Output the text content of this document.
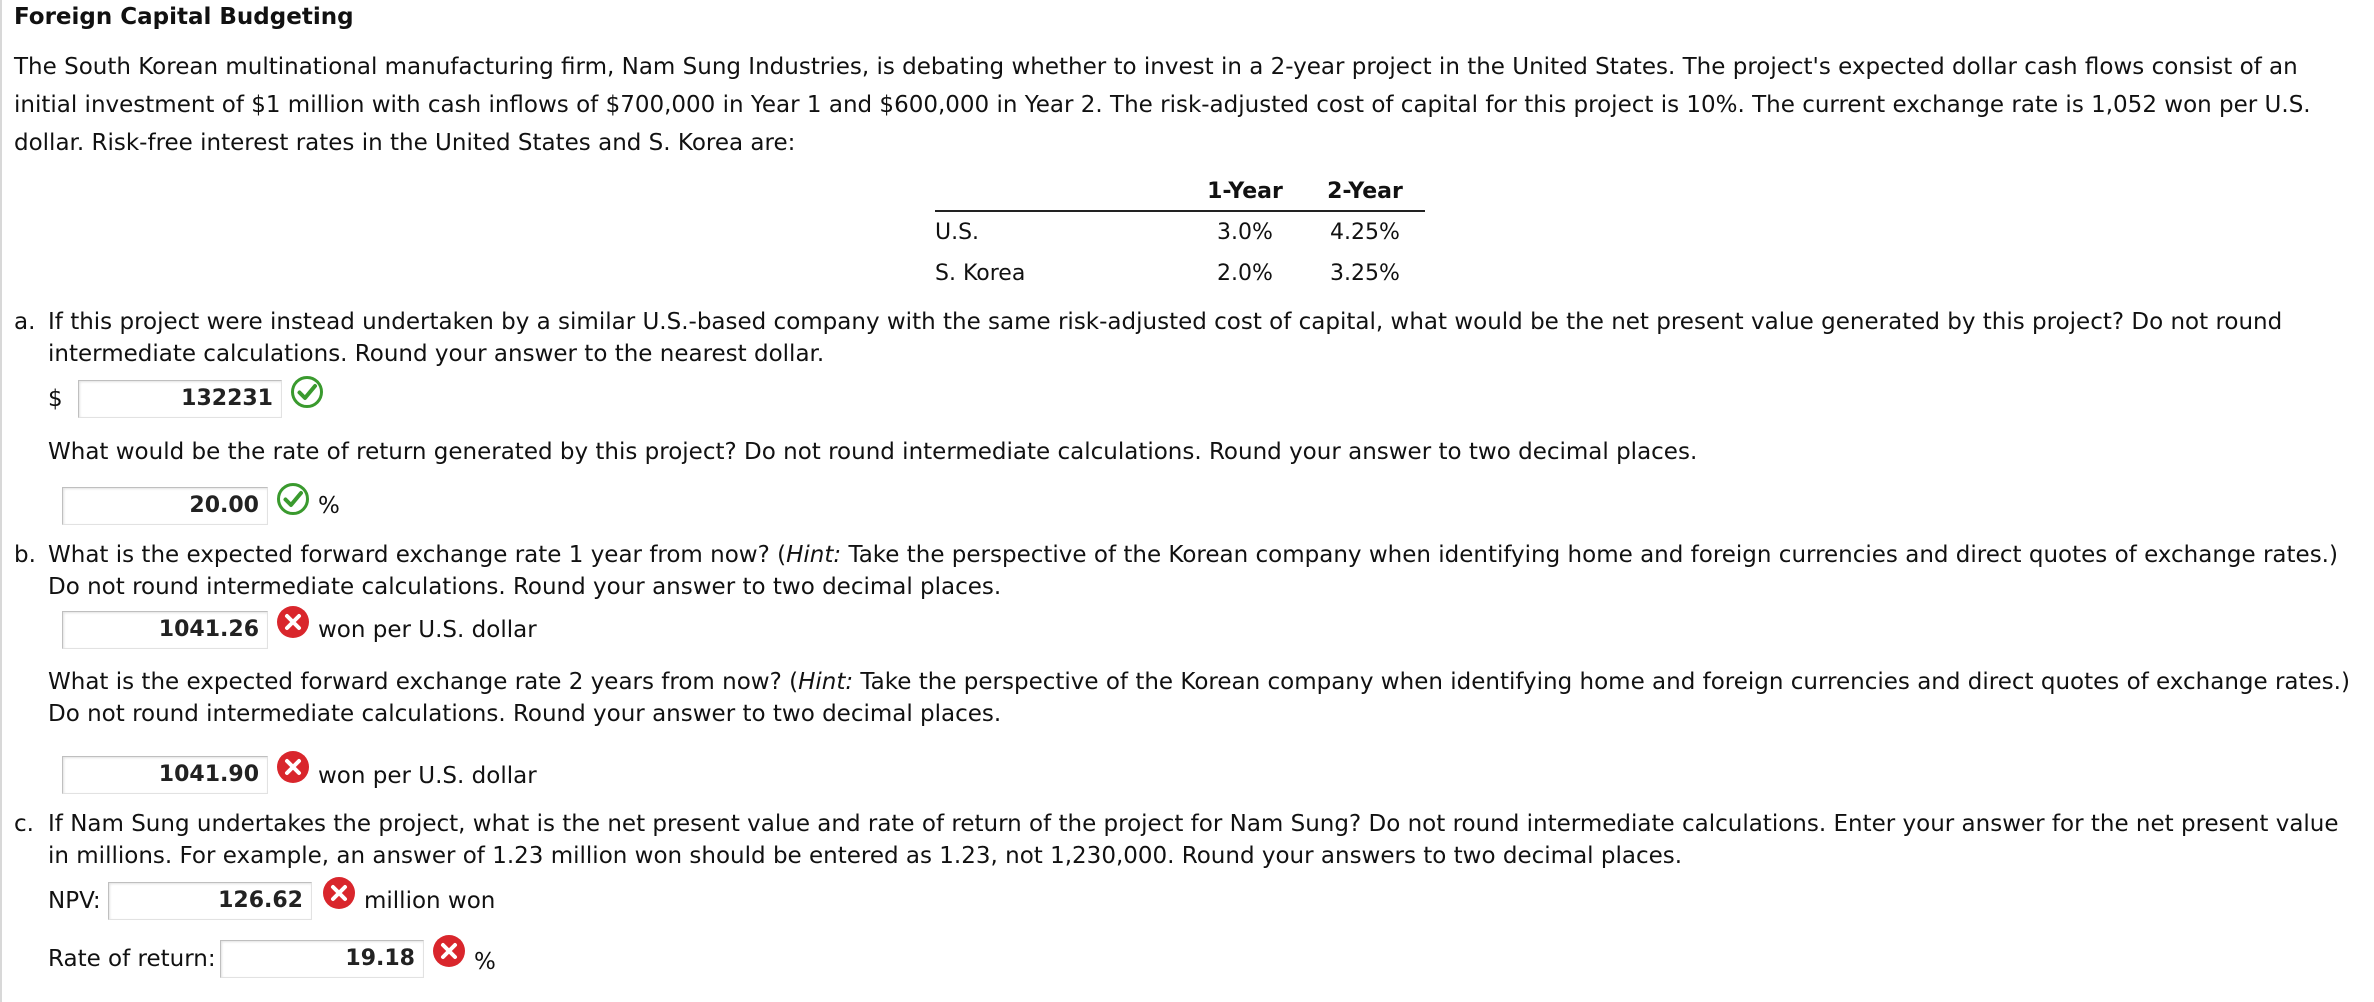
Foreign Capital Budgeting
The South Korean multinational manufacturing firm, Nam Sung Industries, is debating whether to invest in a 2-year project in the United States. The project's expected dollar cash flows consist of an initial investment of $1 million with cash inflows of $700,000 in Year 1 and $600,000 in Year 2. The risk-adjusted cost of capital for this project is 10%. The current exchange rate is 1,052 won per U.S. dollar. Risk-free interest rates in the United States and S. Korea are:
	1-Year	2-Year
U.S.	3.0%	4.25%
S. Korea	2.0%	3.25%
a. If this project were instead undertaken by a similar U.S.-based company with the same risk-adjusted cost of capital, what would be the net present value generated by this project? Do not round intermediate calculations. Round your answer to the nearest dollar.
$	132231
What would be the rate of return generated by this project? Do not round intermediate calculations. Round your answer to two decimal places.
20.00	%
b. What is the expected forward exchange rate 1 year from now? (Hint: Take the perspective of the Korean company when identifying home and foreign currencies and direct quotes of exchange rates.) Do not round intermediate calculations. Round your answer to two decimal places.
1041.26	won per U.S. dollar
What is the expected forward exchange rate 2 years from now? (Hint: Take the perspective of the Korean company when identifying home and foreign currencies and direct quotes of exchange rates.) Do not round intermediate calculations. Round your answer to two decimal places.
1041.90	won per U.S. dollar
c. If Nam Sung undertakes the project, what is the net present value and rate of return of the project for Nam Sung? Do not round intermediate calculations. Enter your answer for the net present value in millions. For example, an answer of 1.23 million won should be entered as 1.23, not 1,230,000. Round your answers to two decimal places.
NPV:	126.62	million won
Rate of return:	19.18	%
